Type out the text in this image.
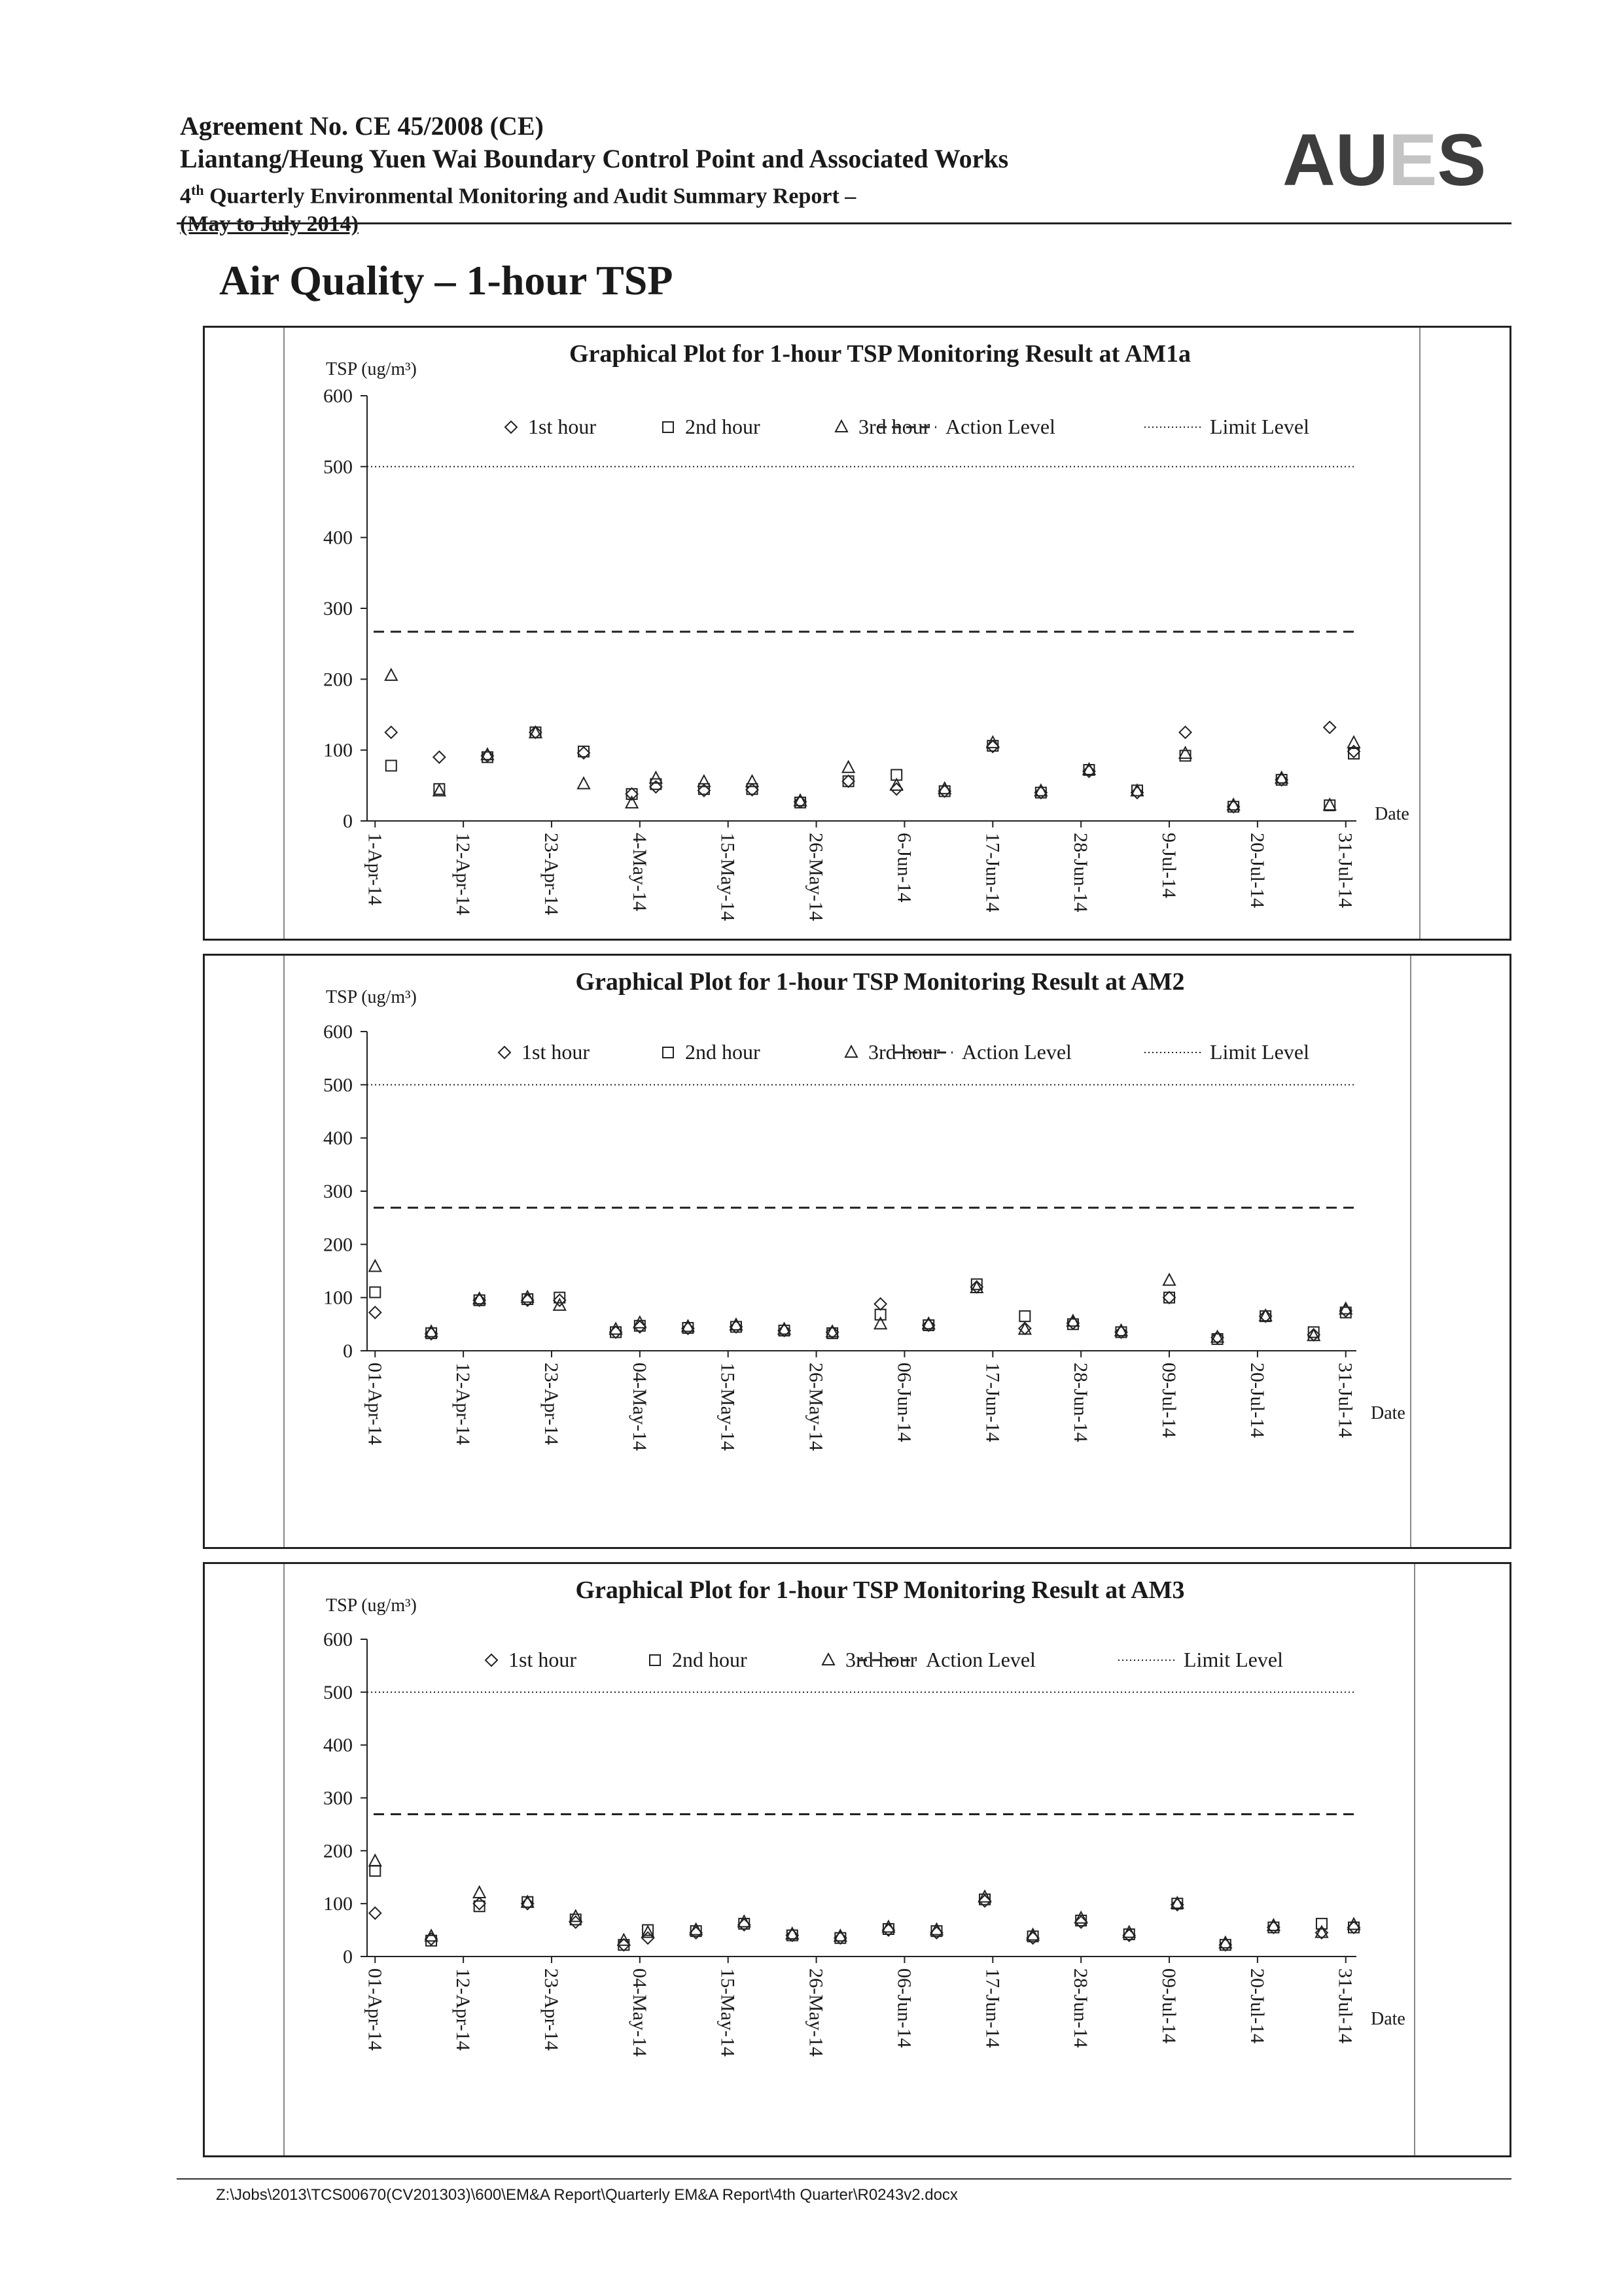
Agreement No. CE 45/2008 (CE)
Liantang/Heung Yuen Wai Boundary Control Point and Associated Works
4th Quarterly Environmental Monitoring and Audit Summary Report –
(May to July 2014)
AUES
Air Quality – 1-hour TSP
Graphical Plot for 1-hour TSP Monitoring Result at AM1a
TSP (ug/m³)
0
100
200
300
400
500
600
1-Apr-14	12-Apr-14	23-Apr-14	4-May-14	15-May-14	26-May-14	6-Jun-14	17-Jun-14	28-Jun-14	9-Jul-14	20-Jul-14	31-Jul-14
Date
1st hour	2nd hour	3rd hour Action Level	Limit Level
Graphical Plot for 1-hour TSP Monitoring Result at AM2
TSP (ug/m³)
0
100
200
300
400
500
600
01-Apr-14	12-Apr-14	23-Apr-14	04-May-14	15-May-14	26-May-14	06-Jun-14	17-Jun-14	28-Jun-14	09-Jul-14	20-Jul-14	31-Jul-14 Date
1st hour	2nd hour	3rd hour Action Level	Limit Level
Graphical Plot for 1-hour TSP Monitoring Result at AM3
TSP (ug/m³)
0
100
200
300
400
500
600
01-Apr-14	12-Apr-14	23-Apr-14	04-May-14	15-May-14	26-May-14	06-Jun-14	17-Jun-14	28-Jun-14	09-Jul-14	20-Jul-14	31-Jul-14 Date
1st hour	2nd hour	3rd hour Action Level	Limit Level
Z:\Jobs\2013\TCS00670(CV201303)\600\EM&A Report\Quarterly EM&A Report\4th Quarter\R0243v2.docx
